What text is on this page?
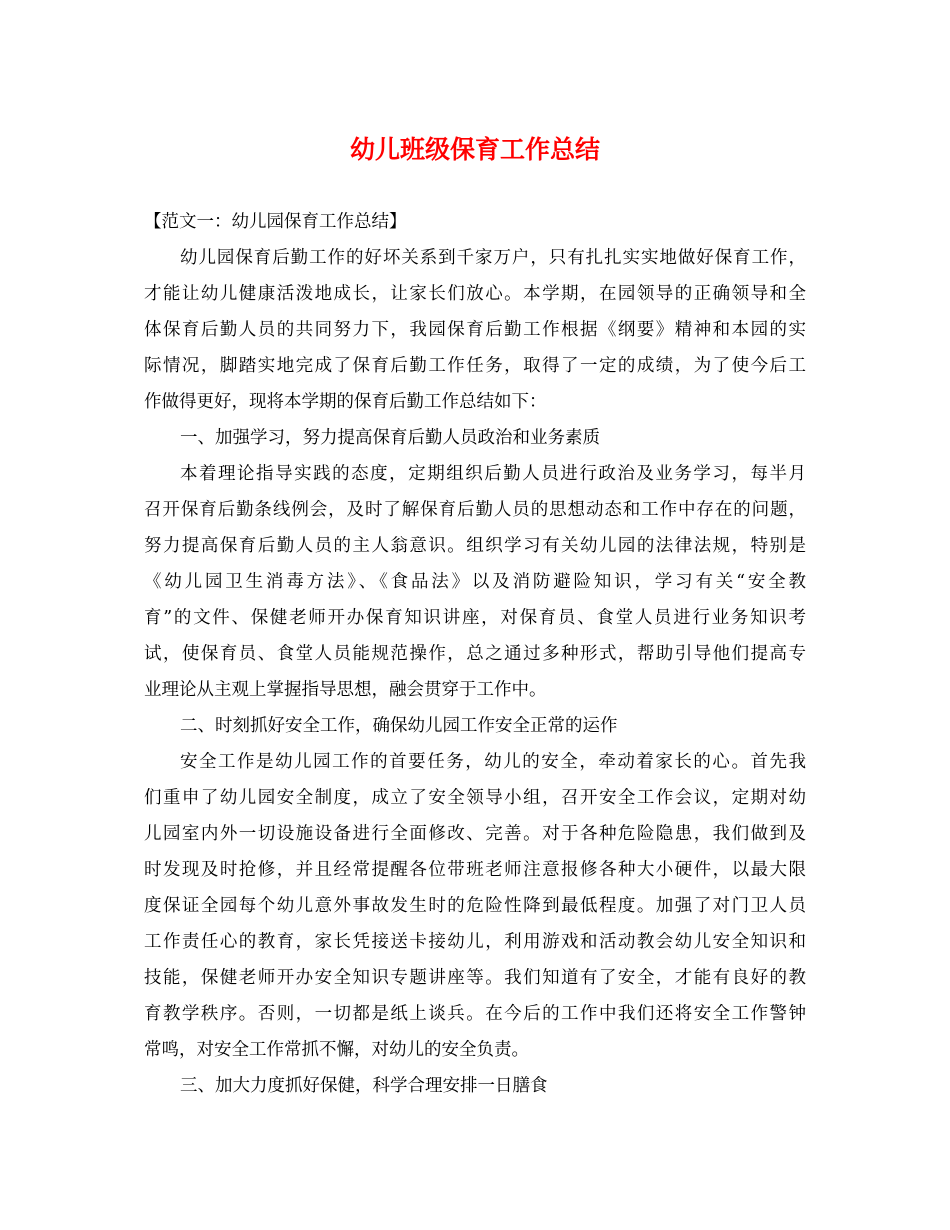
幼儿班级保育工作总结
【范文一：幼儿园保育工作总结】
幼儿园保育后勤工作的好坏关系到千家万户，只有扎扎实实地做好保育工作，
才能让幼儿健康活泼地成长，让家长们放心。本学期，在园领导的正确领导和全
体保育后勤人员的共同努力下，我园保育后勤工作根据《纲要》精神和本园的实
际情况，脚踏实地完成了保育后勤工作任务，取得了一定的成绩，为了使今后工
作做得更好，现将本学期的保育后勤工作总结如下：
一、加强学习，努力提高保育后勤人员政治和业务素质
本着理论指导实践的态度，定期组织后勤人员进行政治及业务学习，每半月
召开保育后勤条线例会，及时了解保育后勤人员的思想动态和工作中存在的问题，
努力提高保育后勤人员的主人翁意识。组织学习有关幼儿园的法律法规，特别是
《幼儿园卫生消毒方法》、《食品法》以及消防避险知识，学习有关“安全教
育”的文件、保健老师开办保育知识讲座，对保育员、食堂人员进行业务知识考
试，使保育员、食堂人员能规范操作，总之通过多种形式，帮助引导他们提高专
业理论从主观上掌握指导思想，融会贯穿于工作中。
二、时刻抓好安全工作，确保幼儿园工作安全正常的运作
安全工作是幼儿园工作的首要任务，幼儿的安全，牵动着家长的心。首先我
们重申了幼儿园安全制度，成立了安全领导小组，召开安全工作会议，定期对幼
儿园室内外一切设施设备进行全面修改、完善。对于各种危险隐患，我们做到及
时发现及时抢修，并且经常提醒各位带班老师注意报修各种大小硬件，以最大限
度保证全园每个幼儿意外事故发生时的危险性降到最低程度。加强了对门卫人员
工作责任心的教育，家长凭接送卡接幼儿，利用游戏和活动教会幼儿安全知识和
技能，保健老师开办安全知识专题讲座等。我们知道有了安全，才能有良好的教
育教学秩序。否则，一切都是纸上谈兵。在今后的工作中我们还将安全工作警钟
常鸣，对安全工作常抓不懈，对幼儿的安全负责。
三、加大力度抓好保健，科学合理安排一日膳食
